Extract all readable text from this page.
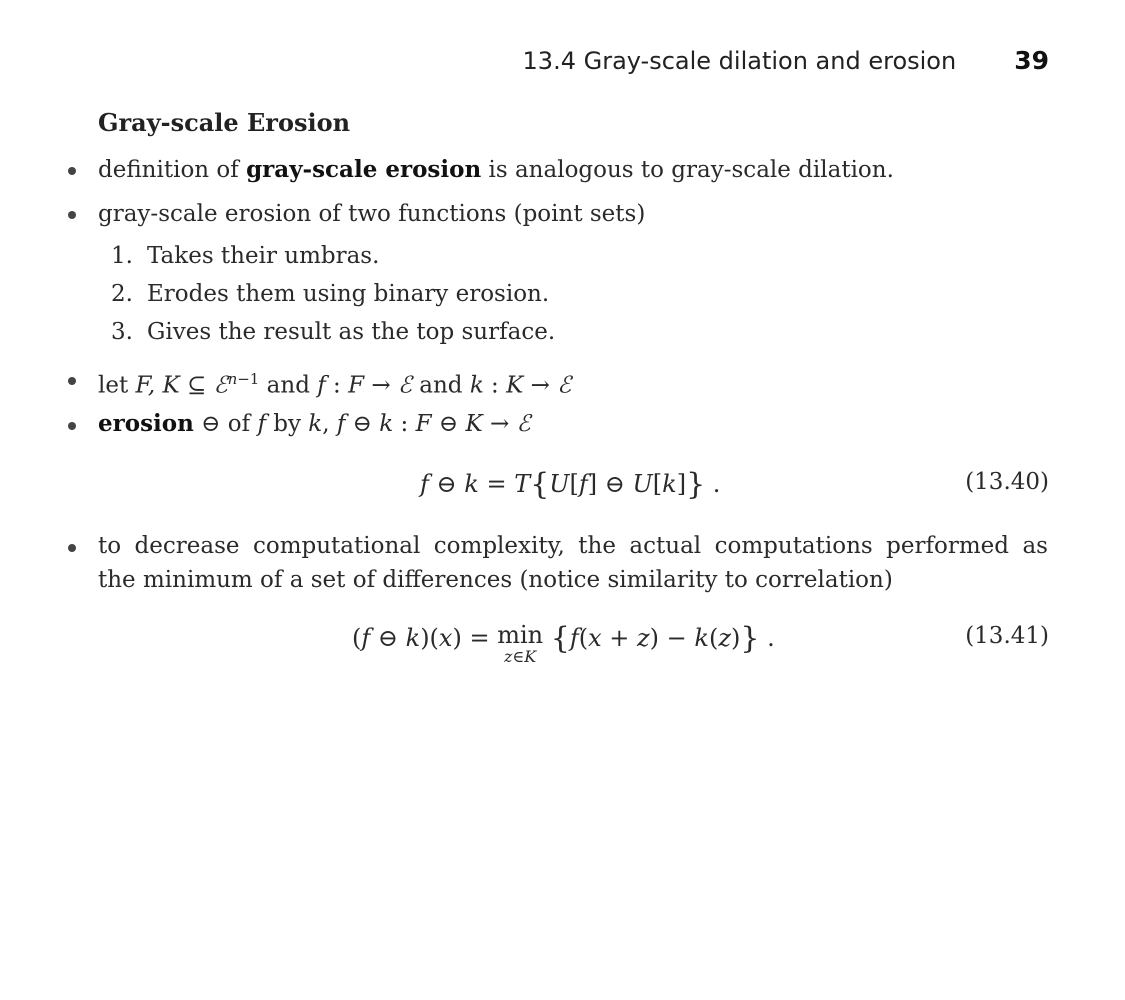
13.4 Gray-scale dilation and erosion 39
Gray-scale Erosion
definition of gray-scale erosion is analogous to gray-scale dilation.
gray-scale erosion of two functions (point sets)
1. Takes their umbras.
2. Erodes them using binary erosion.
3. Gives the result as the top surface.
let F, K ⊆ ℰ$^{n-1}$ and f : F → ℰ and k : K → ℰ
erosion ⊖ of f by k, f ⊖ k : F ⊖ K → ℰ
f ⊖ k = T{U[f] ⊖ U[k]} .	(13.40)
to decrease computational complexity, the actual computations performed as
the minimum of a set of differences (notice similarity to correlation)
(f ⊖ k)(x) = min
z∈K
{f(x + z) − k(z)} .	(13.41)
